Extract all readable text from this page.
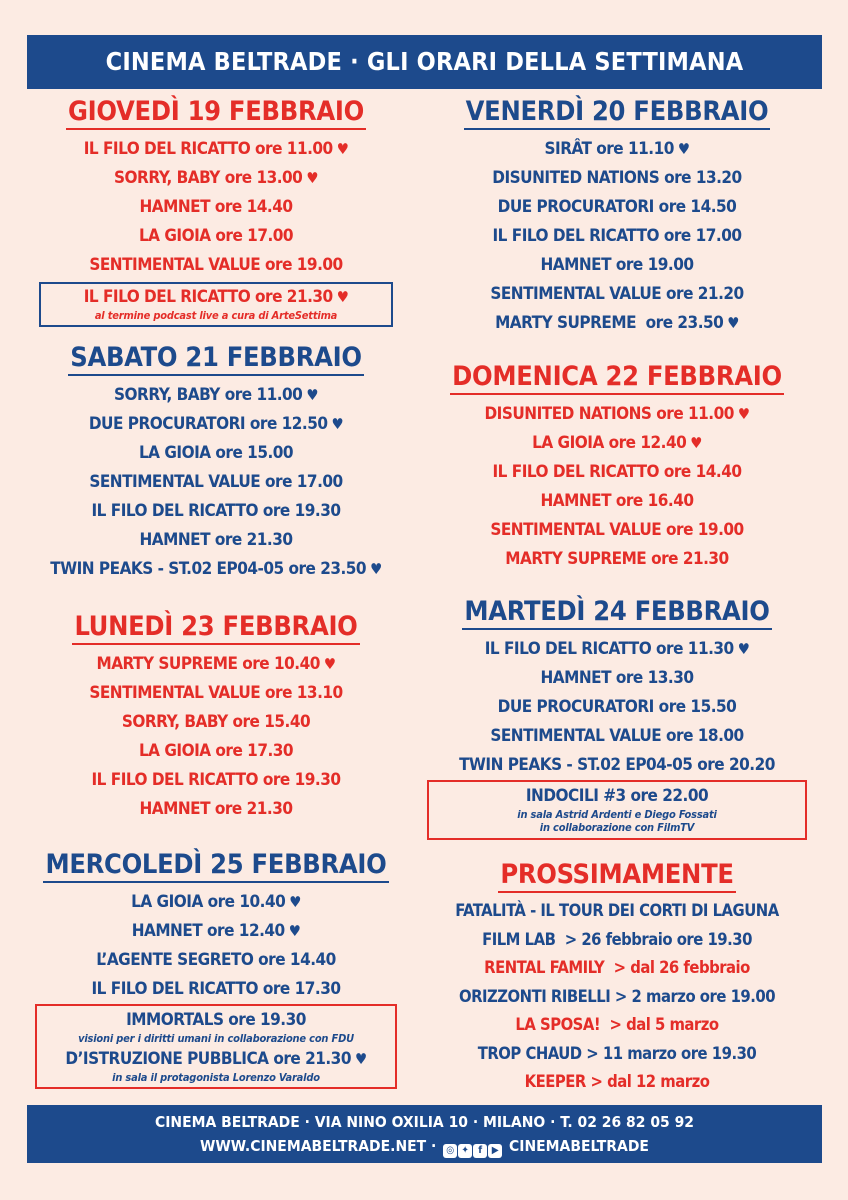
CINEMA BELTRADE · GLI ORARI DELLA SETTIMANA
GIOVEDÌ 19 FEBBRAIO
IL FILO DEL RICATTO ore 11.00 ♥
SORRY, BABY ore 13.00 ♥
HAMNET ore 14.40
LA GIOIA ore 17.00
SENTIMENTAL VALUE ore 19.00
IL FILO DEL RICATTO ore 21.30 ♥
al termine podcast live a cura di ArteSettima
VENERDÌ 20 FEBBRAIO
SIRÂT ore 11.10 ♥
DISUNITED NATIONS ore 13.20
DUE PROCURATORI ore 14.50
IL FILO DEL RICATTO ore 17.00
HAMNET ore 19.00
SENTIMENTAL VALUE ore 21.20
MARTY SUPREME  ore 23.50 ♥
SABATO 21 FEBBRAIO
SORRY, BABY ore 11.00 ♥
DUE PROCURATORI ore 12.50 ♥
LA GIOIA ore 15.00
SENTIMENTAL VALUE ore 17.00
IL FILO DEL RICATTO ore 19.30
HAMNET ore 21.30
TWIN PEAKS - ST.02 EP04-05 ore 23.50 ♥
DOMENICA 22 FEBBRAIO
DISUNITED NATIONS ore 11.00 ♥
LA GIOIA ore 12.40 ♥
IL FILO DEL RICATTO ore 14.40
HAMNET ore 16.40
SENTIMENTAL VALUE ore 19.00
MARTY SUPREME ore 21.30
LUNEDÌ 23 FEBBRAIO
MARTY SUPREME ore 10.40 ♥
SENTIMENTAL VALUE ore 13.10
SORRY, BABY ore 15.40
LA GIOIA ore 17.30
IL FILO DEL RICATTO ore 19.30
HAMNET ore 21.30
MARTEDÌ 24 FEBBRAIO
IL FILO DEL RICATTO ore 11.30 ♥
HAMNET ore 13.30
DUE PROCURATORI ore 15.50
SENTIMENTAL VALUE ore 18.00
TWIN PEAKS - ST.02 EP04-05 ore 20.20
INDOCILI #3 ore 22.00
in sala Astrid Ardenti e Diego Fossati
in collaborazione con FilmTV
MERCOLEDÌ 25 FEBBRAIO
LA GIOIA ore 10.40 ♥
HAMNET ore 12.40 ♥
L’AGENTE SEGRETO ore 14.40
IL FILO DEL RICATTO ore 17.30
IMMORTALS ore 19.30
visioni per i diritti umani in collaborazione con FDU
D’ISTRUZIONE PUBBLICA ore 21.30 ♥
in sala il protagonista Lorenzo Varaldo
PROSSIMAMENTE
FATALITÀ - IL TOUR DEI CORTI DI LAGUNA
FILM LAB  > 26 febbraio ore 19.30
RENTAL FAMILY  > dal 26 febbraio
ORIZZONTI RIBELLI > 2 marzo ore 19.00
LA SPOSA!  > dal 5 marzo
TROP CHAUD > 11 marzo ore 19.30
KEEPER > dal 12 marzo
CINEMA BELTRADE · VIA NINO OXILIA 10 · MILANO · T. 02 26 82 05 92
WWW.CINEMABELTRADE.NET · ◎ ✦ f ▶ CINEMABELTRADE
